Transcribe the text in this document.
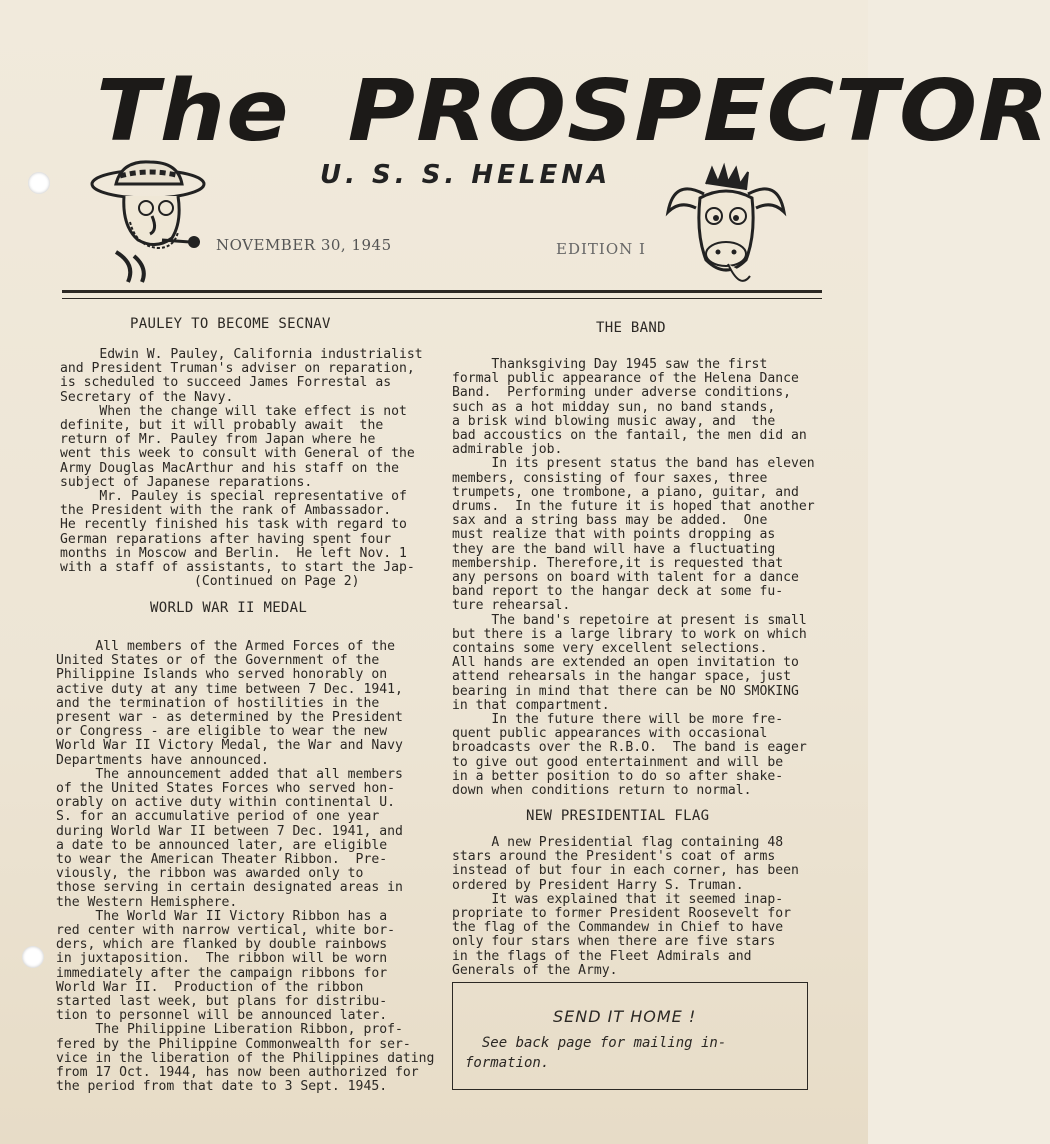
The PROSPECTOR
U. S. S. HELENA
NOVEMBER 30, 1945	EDITION I
PAULEY TO BECOME SECNAV

Edwin W. Pauley, California industrialist
and President Truman's adviser on reparation,
is scheduled to succeed James Forrestal as
Secretary of the Navy.
When the change will take effect is not
definite, but it will probably await  the
return of Mr. Pauley from Japan where he
went this week to consult with General of the
Army Douglas MacArthur and his staff on the
subject of Japanese reparations.
Mr. Pauley is special representative of
the President with the rank of Ambassador.
He recently finished his task with regard to
German reparations after having spent four
months in Moscow and Berlin.  He left Nov. 1
with a staff of assistants, to start the Jap-
(Continued on Page 2)

WORLD WAR II MEDAL

All members of the Armed Forces of the
United States or of the Government of the
Philippine Islands who served honorably on
active duty at any time between 7 Dec. 1941,
and the termination of hostilities in the
present war - as determined by the President
or Congress - are eligible to wear the new
World War II Victory Medal, the War and Navy
Departments have announced.
The announcement added that all members
of the United States Forces who served hon-
orably on active duty within continental U.
S. for an accumulative period of one year
during World War II between 7 Dec. 1941, and
a date to be announced later, are eligible
to wear the American Theater Ribbon.  Pre-
viously, the ribbon was awarded only to
those serving in certain designated areas in
the Western Hemisphere.
The World War II Victory Ribbon has a
red center with narrow vertical, white bor-
ders, which are flanked by double rainbows
in juxtaposition.  The ribbon will be worn
immediately after the campaign ribbons for
World War II.  Production of the ribbon
started last week, but plans for distribu-
tion to personnel will be announced later.
The Philippine Liberation Ribbon, prof-
fered by the Philippine Commonwealth for ser-
vice in the liberation of the Philippines dating
from 17 Oct. 1944, has now been authorized for
the period from that date to 3 Sept. 1945.

THE BAND

Thanksgiving Day 1945 saw the first
formal public appearance of the Helena Dance
Band.  Performing under adverse conditions,
such as a hot midday sun, no band stands,
a brisk wind blowing music away, and  the
bad accoustics on the fantail, the men did an
admirable job.
In its present status the band has eleven
members, consisting of four saxes, three
trumpets, one trombone, a piano, guitar, and
drums.  In the future it is hoped that another
sax and a string bass may be added.  One
must realize that with points dropping as
they are the band will have a fluctuating
membership. Therefore,it is requested that
any persons on board with talent for a dance
band report to the hangar deck at some fu-
ture rehearsal.
The band's repetoire at present is small
but there is a large library to work on which
contains some very excellent selections.
All hands are extended an open invitation to
attend rehearsals in the hangar space, just
bearing in mind that there can be NO SMOKING
in that compartment.
In the future there will be more fre-
quent public appearances with occasional
broadcasts over the R.B.O.  The band is eager
to give out good entertainment and will be
in a better position to do so after shake-
down when conditions return to normal.

NEW PRESIDENTIAL FLAG

A new Presidential flag containing 48
stars around the President's coat of arms
instead of but four in each corner, has been
ordered by President Harry S. Truman.
It was explained that it seemed inap-
propriate to former President Roosevelt for
the flag of the Commandew in Chief to have
only four stars when there are five stars
in the flags of the Fleet Admirals and
Generals of the Army.

SEND IT HOME !
See back page for mailing in-
formation.
